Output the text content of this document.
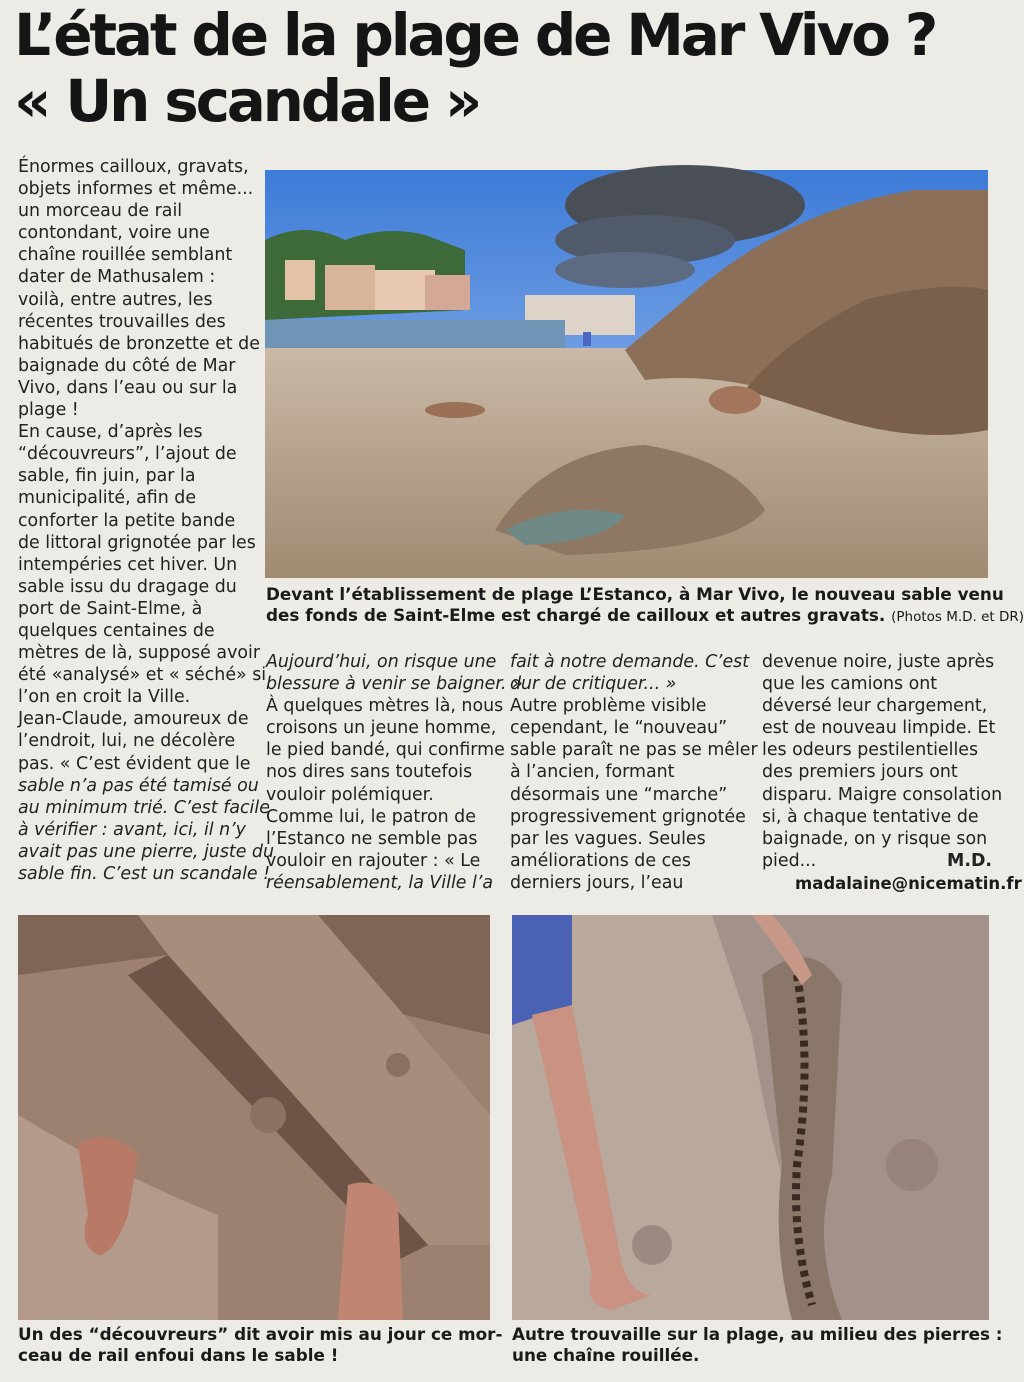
L’état de la plage de Mar Vivo ?
« Un scandale »
Énormes cailloux, gravats,
objets informes et même...
un morceau de rail
contondant, voire une
chaîne rouillée semblant
dater de Mathusalem :
voilà, entre autres, les
récentes trouvailles des
habitués de bronzette et de
baignade du côté de Mar
Vivo, dans l’eau ou sur la
plage !
En cause, d’après les
“découvreurs”, l’ajout de
sable, fin juin, par la
municipalité, afin de
conforter la petite bande
de littoral grignotée par les
intempéries cet hiver. Un
sable issu du dragage du
port de Saint-Elme, à
quelques centaines de
mètres de là, supposé avoir
été «analysé» et « séché» si
l’on en croit la Ville.
Jean-Claude, amoureux de
l’endroit, lui, ne décolère
pas. « C’est évident que le
sable n’a pas été tamisé ou
au minimum trié. C’est facile
à vérifier : avant, ici, il n’y
avait pas une pierre, juste du
sable fin. C’est un scandale !
Devant l’établissement de plage L’Estanco, à Mar Vivo, le nouveau sable venu
des fonds de Saint-Elme est chargé de cailloux et autres gravats. (Photos M.D. et DR)
Aujourd’hui, on risque une
blessure à venir se baigner. »
À quelques mètres là, nous
croisons un jeune homme,
le pied bandé, qui confirme
nos dires sans toutefois
vouloir polémiquer.
Comme lui, le patron de
l’Estanco ne semble pas
vouloir en rajouter : « Le
réensablement, la Ville l’a
fait à notre demande. C’est
dur de critiquer... »
Autre problème visible
cependant, le “nouveau”
sable paraît ne pas se mêler
à l’ancien, formant
désormais une “marche”
progressivement grignotée
par les vagues. Seules
améliorations de ces
derniers jours, l’eau
devenue noire, juste après
que les camions ont
déversé leur chargement,
est de nouveau limpide. Et
les odeurs pestilentielles
des premiers jours ont
disparu. Maigre consolation
si, à chaque tentative de
baignade, on y risque son
pied...	M.D.
madalaine@nicematin.fr
Un des “découvreurs” dit avoir mis au jour ce mor-
ceau de rail enfoui dans le sable !
Autre trouvaille sur la plage, au milieu des pierres :
une chaîne rouillée.
